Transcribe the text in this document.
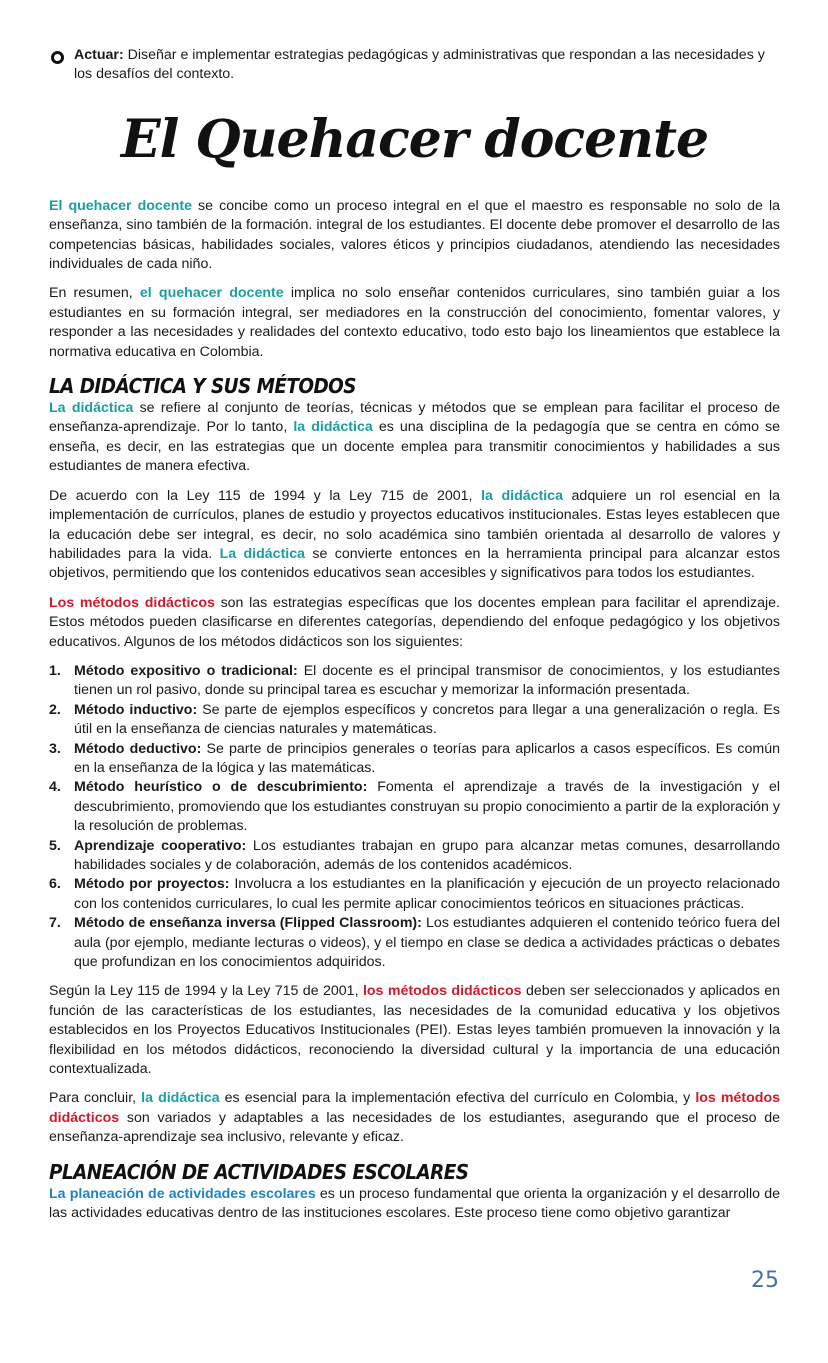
Actuar: Diseñar e implementar estrategias pedagógicas y administrativas que respondan a las necesidades y los desafíos del contexto.

El Quehacer docente

El quehacer docente se concibe como un proceso integral en el que el maestro es responsable no solo de la enseñanza, sino también de la formación. integral de los estudiantes. El docente debe promover el desarrollo de las competencias básicas, habilidades sociales, valores éticos y principios ciudadanos, atendiendo las necesidades individuales de cada niño.

En resumen, el quehacer docente implica no solo enseñar contenidos curriculares, sino también guiar a los estudiantes en su formación integral, ser mediadores en la construcción del conocimiento, fomentar valores, y responder a las necesidades y realidades del contexto educativo, todo esto bajo los lineamientos que establece la normativa educativa en Colombia.

LA DIDÁCTICA Y SUS MÉTODOS

La didáctica se refiere al conjunto de teorías, técnicas y métodos que se emplean para facilitar el proceso de enseñanza-aprendizaje. Por lo tanto, la didáctica es una disciplina de la pedagogía que se centra en cómo se enseña, es decir, en las estrategias que un docente emplea para transmitir conocimientos y habilidades a sus estudiantes de manera efectiva.

De acuerdo con la Ley 115 de 1994 y la Ley 715 de 2001, la didáctica adquiere un rol esencial en la implementación de currículos, planes de estudio y proyectos educativos institucionales. Estas leyes establecen que la educación debe ser integral, es decir, no solo académica sino también orientada al desarrollo de valores y habilidades para la vida. La didáctica se convierte entonces en la herramienta principal para alcanzar estos objetivos, permitiendo que los contenidos educativos sean accesibles y significativos para todos los estudiantes.

Los métodos didácticos son las estrategias específicas que los docentes emplean para facilitar el aprendizaje. Estos métodos pueden clasificarse en diferentes categorías, dependiendo del enfoque pedagógico y los objetivos educativos. Algunos de los métodos didácticos son los siguientes:

1. Método expositivo o tradicional: El docente es el principal transmisor de conocimientos, y los estudiantes tienen un rol pasivo, donde su principal tarea es escuchar y memorizar la información presentada.
2. Método inductivo: Se parte de ejemplos específicos y concretos para llegar a una generalización o regla. Es útil en la enseñanza de ciencias naturales y matemáticas.
3. Método deductivo: Se parte de principios generales o teorías para aplicarlos a casos específicos. Es común en la enseñanza de la lógica y las matemáticas.
4. Método heurístico o de descubrimiento: Fomenta el aprendizaje a través de la investigación y el descubrimiento, promoviendo que los estudiantes construyan su propio conocimiento a partir de la exploración y la resolución de problemas.
5. Aprendizaje cooperativo: Los estudiantes trabajan en grupo para alcanzar metas comunes, desarrollando habilidades sociales y de colaboración, además de los contenidos académicos.
6. Método por proyectos: Involucra a los estudiantes en la planificación y ejecución de un proyecto relacionado con los contenidos curriculares, lo cual les permite aplicar conocimientos teóricos en situaciones prácticas.
7. Método de enseñanza inversa (Flipped Classroom): Los estudiantes adquieren el contenido teórico fuera del aula (por ejemplo, mediante lecturas o videos), y el tiempo en clase se dedica a actividades prácticas o debates que profundizan en los conocimientos adquiridos.

Según la Ley 115 de 1994 y la Ley 715 de 2001, los métodos didácticos deben ser seleccionados y aplicados en función de las características de los estudiantes, las necesidades de la comunidad educativa y los objetivos establecidos en los Proyectos Educativos Institucionales (PEI). Estas leyes también promueven la innovación y la flexibilidad en los métodos didácticos, reconociendo la diversidad cultural y la importancia de una educación contextualizada.

Para concluir, la didáctica es esencial para la implementación efectiva del currículo en Colombia, y los métodos didácticos son variados y adaptables a las necesidades de los estudiantes, asegurando que el proceso de enseñanza-aprendizaje sea inclusivo, relevante y eficaz.

PLANEACIÓN DE ACTIVIDADES ESCOLARES

La planeación de actividades escolares es un proceso fundamental que orienta la organización y el desarrollo de las actividades educativas dentro de las instituciones escolares. Este proceso tiene como objetivo garantizar

25
